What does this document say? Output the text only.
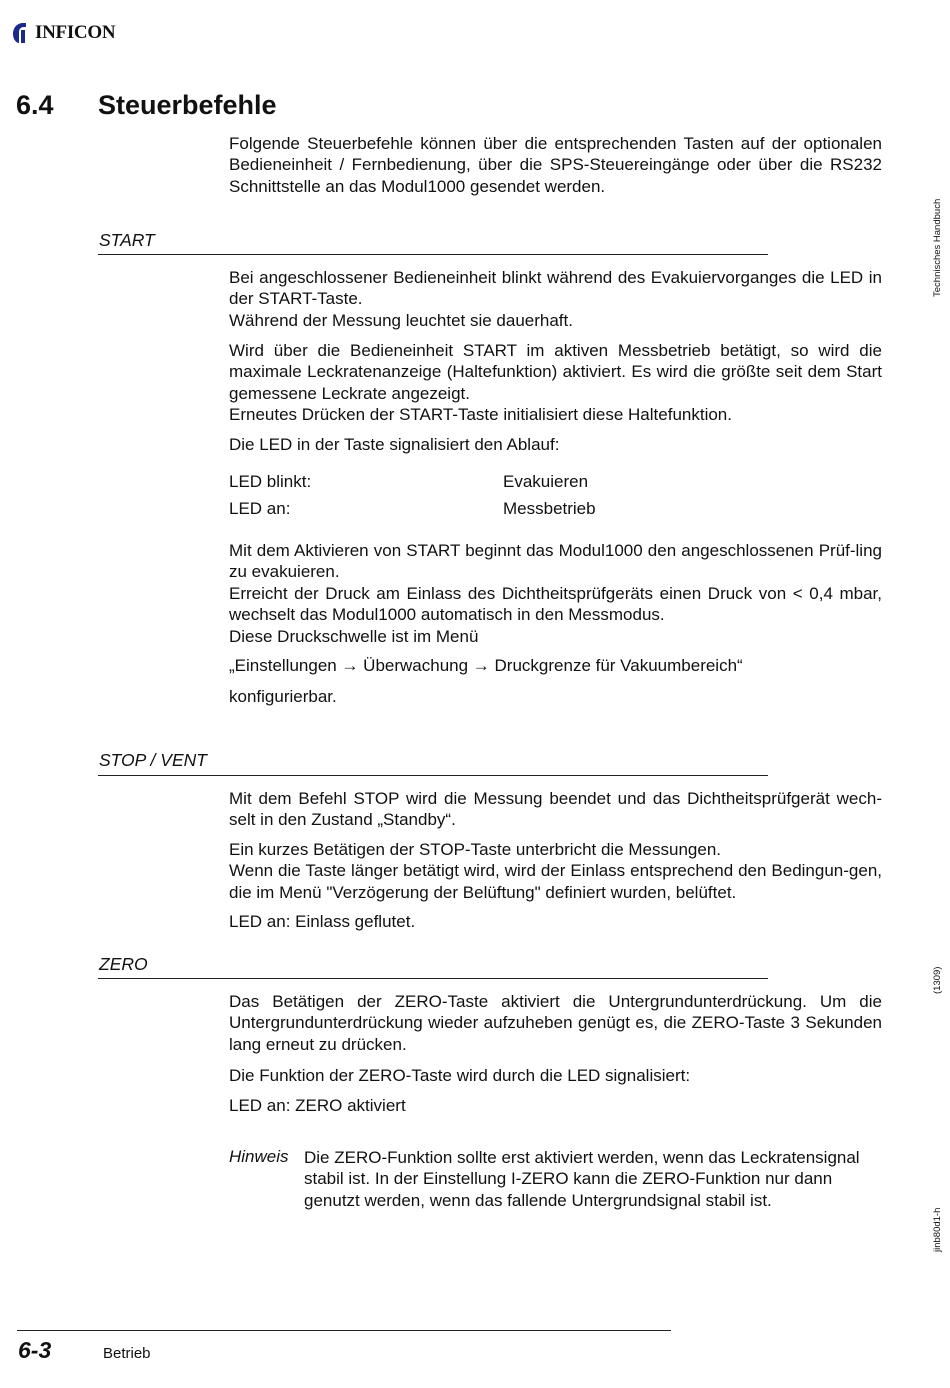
INFICON
6.4 Steuerbefehle

Folgende Steuerbefehle können über die entsprechenden Tasten auf der optionalen Bedieneinheit / Fernbedienung, über die SPS-Steuereingänge oder über die RS232 Schnittstelle an das Modul1000 gesendet werden.

START

Bei angeschlossener Bedieneinheit blinkt während des Evakuiervorganges die LED in der START-Taste.

Während der Messung leuchtet sie dauerhaft.

Wird über die Bedieneinheit START im aktiven Messbetrieb betätigt, so wird die maximale Leckratenanzeige (Haltefunktion) aktiviert. Es wird die größte seit dem Start gemessene Leckrate angezeigt.

Erneutes Drücken der START-Taste initialisiert diese Haltefunktion.

Die LED in der Taste signalisiert den Ablauf:

LED blinkt:	Evakuieren
LED an:	Messbetrieb

Mit dem Aktivieren von START beginnt das Modul1000 den angeschlossenen Prüf-ling zu evakuieren.

Erreicht der Druck am Einlass des Dichtheitsprüfgeräts einen Druck von < 0,4 mbar, wechselt das Modul1000 automatisch in den Messmodus.

Diese Druckschwelle ist im Menü

„Einstellungen → Überwachung → Druckgrenze für Vakuumbereich“

konfigurierbar.

STOP / VENT

Mit dem Befehl STOP wird die Messung beendet und das Dichtheitsprüfgerät wech-selt in den Zustand „Standby“.

Ein kurzes Betätigen der STOP-Taste unterbricht die Messungen.

Wenn die Taste länger betätigt wird, wird der Einlass entsprechend den Bedingun-gen, die im Menü "Verzögerung der Belüftung" definiert wurden, belüftet.

LED an: Einlass geflutet.

ZERO

Das Betätigen der ZERO-Taste aktiviert die Untergrundunterdrückung. Um die Untergrundunterdrückung wieder aufzuheben genügt es, die ZERO-Taste 3 Sekunden lang erneut zu drücken.

Die Funktion der ZERO-Taste wird durch die LED signalisiert:

LED an: ZERO aktiviert

Hinweis Die ZERO-Funktion sollte erst aktiviert werden, wenn das Leckratensignal stabil ist. In der Einstellung I-ZERO kann die ZERO-Funktion nur dann genutzt werden, wenn das fallende Untergrundsignal stabil ist.
Technisches Handbuch
(1309)
jinb80d1-h
6-3	Betrieb
